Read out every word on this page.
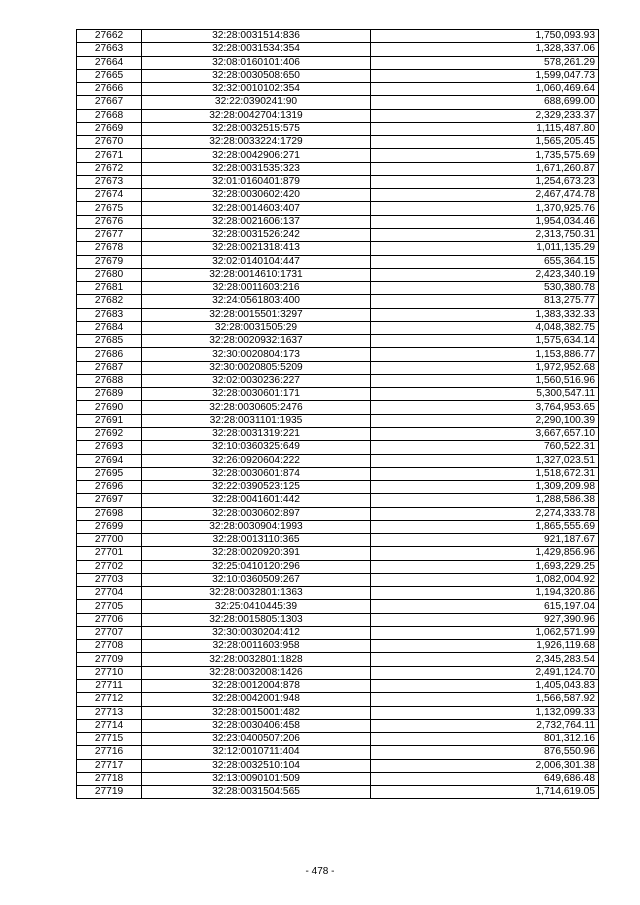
27662	32:28:0031514:836	1,750,093.93
27663	32:28:0031534:354	1,328,337.06
27664	32:08:0160101:406	578,261.29
27665	32:28:0030508:650	1,599,047.73
27666	32:32:0010102:354	1,060,469.64
27667	32:22:0390241:90	688,699.00
27668	32:28:0042704:1319	2,329,233.37
27669	32:28:0032515:575	1,115,487.80
27670	32:28:0033224:1729	1,565,205.45
27671	32:28:0042906:271	1,735,575.69
27672	32:28:0031535:323	1,671,260.87
27673	32:01:0160401:879	1,254,673.23
27674	32:28:0030602:420	2,467,474.78
27675	32:28:0014603:407	1,370,925.76
27676	32:28:0021606:137	1,954,034.46
27677	32:28:0031526:242	2,313,750.31
27678	32:28:0021318:413	1,011,135.29
27679	32:02:0140104:447	655,364.15
27680	32:28:0014610:1731	2,423,340.19
27681	32:28:0011603:216	530,380.78
27682	32:24:0561803:400	813,275.77
27683	32:28:0015501:3297	1,383,332.33
27684	32:28:0031505:29	4,048,382.75
27685	32:28:0020932:1637	1,575,634.14
27686	32:30:0020804:173	1,153,886.77
27687	32:30:0020805:5209	1,972,952.68
27688	32:02:0030236:227	1,560,516.96
27689	32:28:0030601:171	5,300,547.11
27690	32:28:0030605:2476	3,764,953.65
27691	32:28:0031101:1935	2,290,100.39
27692	32:28:0031319:221	3,667,657.10
27693	32:10:0360325:649	760,522.31
27694	32:26:0920604:222	1,327,023.51
27695	32:28:0030601:874	1,518,672.31
27696	32:22:0390523:125	1,309,209.98
27697	32:28:0041601:442	1,288,586.38
27698	32:28:0030602:897	2,274,333.78
27699	32:28:0030904:1993	1,865,555.69
27700	32:28:0013110:365	921,187.67
27701	32:28:0020920:391	1,429,856.96
27702	32:25:0410120:296	1,693,229.25
27703	32:10:0360509:267	1,082,004.92
27704	32:28:0032801:1363	1,194,320.86
27705	32:25:0410445:39	615,197.04
27706	32:28:0015805:1303	927,390.96
27707	32:30:0030204:412	1,062,571.99
27708	32:28:0011603:958	1,926,119.68
27709	32:28:0032801:1828	2,345,283.54
27710	32:28:0032008:1426	2,491,124.70
27711	32:28:0012004:878	1,405,043.83
27712	32:28:0042001:948	1,566,587.92
27713	32:28:0015001:482	1,132,099.33
27714	32:28:0030406:458	2,732,764.11
27715	32:23:0400507:206	801,312.16
27716	32:12:0010711:404	876,550.96
27717	32:28:0032510:104	2,006,301.38
27718	32:13:0090101:509	649,686.48
27719	32:28:0031504:565	1,714,619.05
- 478 -
